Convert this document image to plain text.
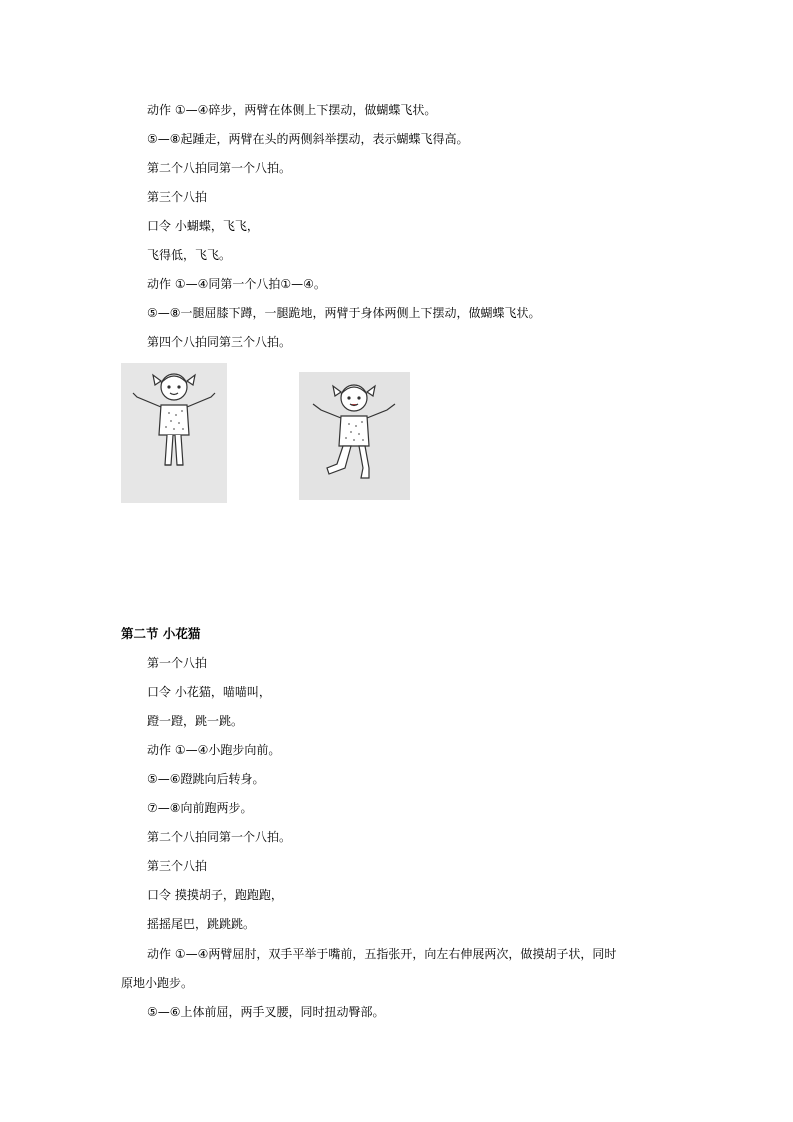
动作 ①—④碎步，两臂在体侧上下摆动，做蝴蝶飞状。
⑤—⑧起踵走，两臂在头的两侧斜举摆动，表示蝴蝶飞得高。
第二个八拍同第一个八拍。
第三个八拍
口令 小蝴蝶，飞飞，
飞得低，飞飞。
动作 ①—④同第一个八拍①—④。
⑤—⑧一腿屈膝下蹲，一腿跪地，两臂于身体两侧上下摆动，做蝴蝶飞状。
第四个八拍同第三个八拍。
第二节 小花猫
第一个八拍
口令 小花猫，喵喵叫，
蹬一蹬，跳一跳。
动作 ①—④小跑步向前。
⑤—⑥蹬跳向后转身。
⑦—⑧向前跑两步。
第二个八拍同第一个八拍。
第三个八拍
口令 摸摸胡子，跑跑跑，
摇摇尾巴，跳跳跳。
动作 ①—④两臂屈肘，双手平举于嘴前，五指张开，向左右伸展两次，做摸胡子状，同时
原地小跑步。
⑤—⑥上体前屈，两手叉腰，同时扭动臀部。
